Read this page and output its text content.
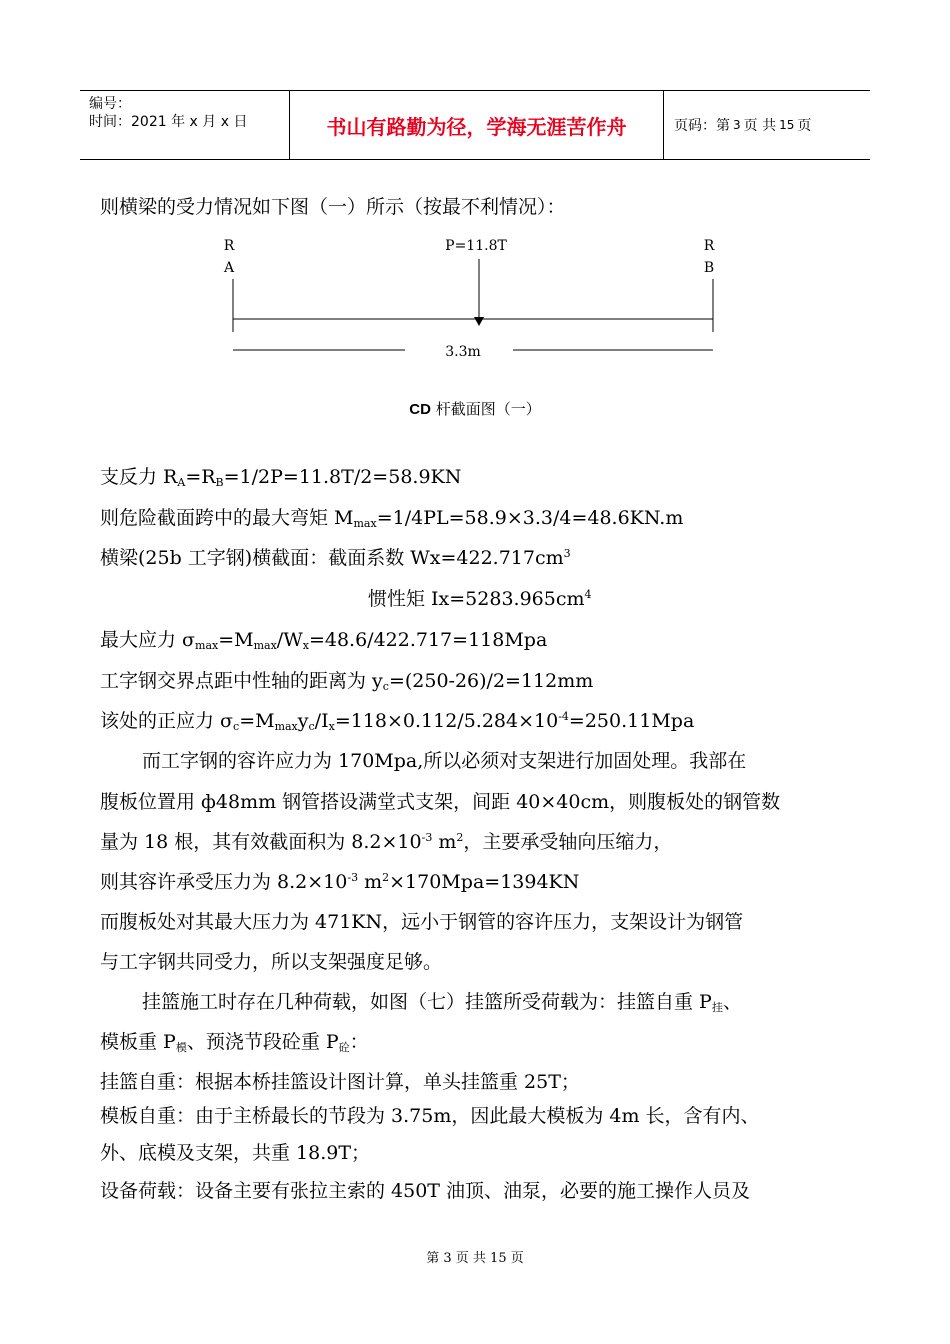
编号：
时间：2021 年 x 月 x 日	书山有路勤为径，学海无涯苦作舟	页码：第 3 页 共 15 页
则横梁的受力情况如下图（一）所示（按最不利情况）：
R
A
P=11.8T	R
B
3.3m
CD 杆截面图（一）
支反力 $R_A=R_B=1/2P=11.8T/2=58.9KN$
则危险截面跨中的最大弯矩 $M_{max}=1/4PL=58.9\times 3.3/4=48.6KN.m$
横梁(25b 工字钢)横截面：截面系数 $Wx=422.717cm^3$
惯性矩 $Ix=5283.965cm^4$
最大应力 $\sigma_{max}=M_{max}/W_x=48.6/422.717=118Mpa$
工字钢交界点距中性轴的距离为 $y_c=(250-26)/2=112mm$
该处的正应力 $\sigma_c=M_{max}y_c/I_x=118\times 0.112/5.284\times 10^{-4}=250.11Mpa$
而工字钢的容许应力为 170Mpa,所以必须对支架进行加固处理。我部在
腹板位置用 ф48mm 钢管搭设满堂式支架，间距 40×40cm，则腹板处的钢管数
量为 18 根，其有效截面积为 $8.2\times 10^{-3}$ $m^2$，主要承受轴向压缩力，
则其容许承受压力为 $8.2\times 10^{-3}$ $m^2\times 170Mpa=1394KN$
而腹板处对其最大压力为 471KN，远小于钢管的容许压力，支架设计为钢管
与工字钢共同受力，所以支架强度足够。
挂篮施工时存在几种荷载，如图（七）挂篮所受荷载为：挂篮自重 $P_挂$、
模板重 $P_模$、预浇节段砼重 $P_砼$：
挂篮自重：根据本桥挂篮设计图计算，单头挂篮重 25T；
模板自重：由于主桥最长的节段为 3.75m，因此最大模板为 4m 长，含有内、
外、底模及支架，共重 18.9T；
设备荷载：设备主要有张拉主索的 450T 油顶、油泵，必要的施工操作人员及
第 3 页 共 15 页
